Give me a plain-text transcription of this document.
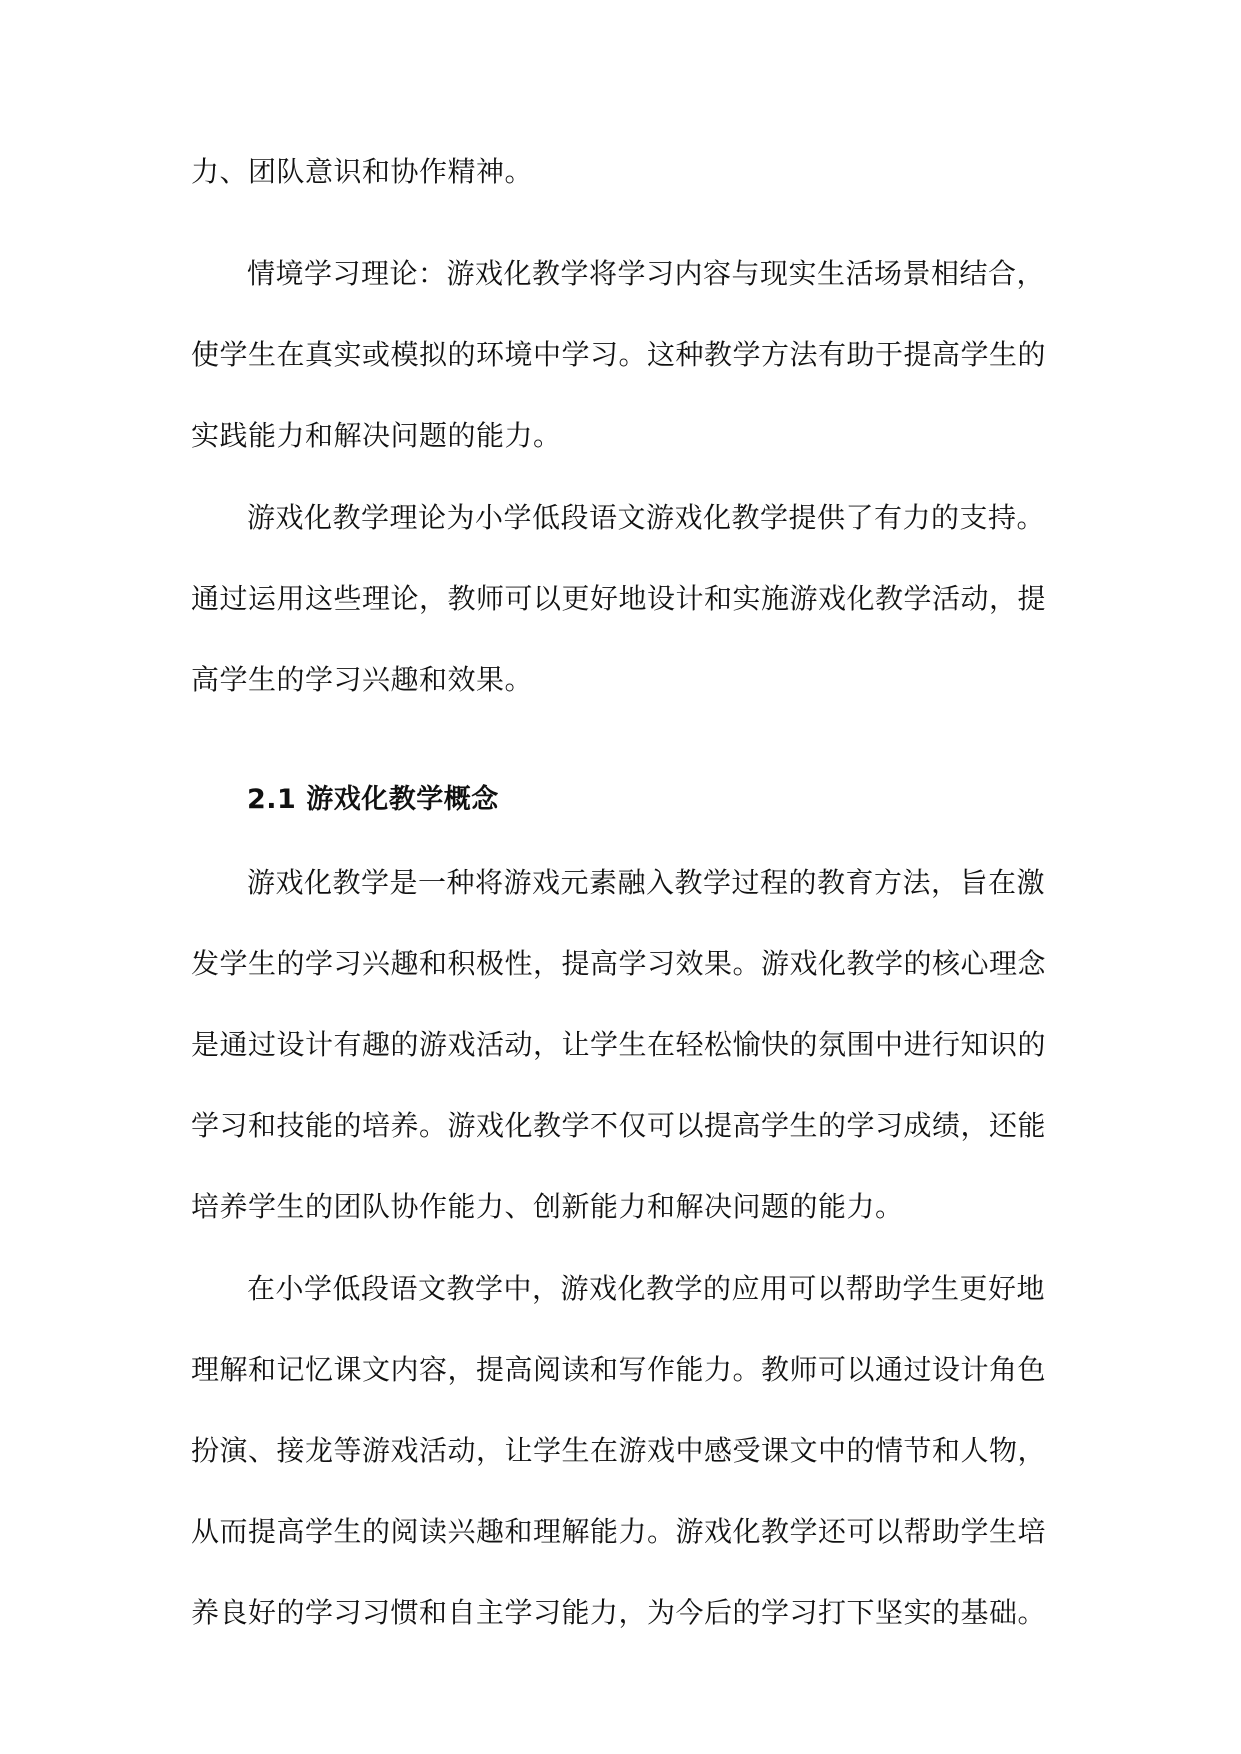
力、团队意识和协作精神。
情境学习理论：游戏化教学将学习内容与现实生活场景相结合，
使学生在真实或模拟的环境中学习。这种教学方法有助于提高学生的
实践能力和解决问题的能力。
游戏化教学理论为小学低段语文游戏化教学提供了有力的支持。
通过运用这些理论，教师可以更好地设计和实施游戏化教学活动，提
高学生的学习兴趣和效果。
2.1 游戏化教学概念
游戏化教学是一种将游戏元素融入教学过程的教育方法，旨在激
发学生的学习兴趣和积极性，提高学习效果。游戏化教学的核心理念
是通过设计有趣的游戏活动，让学生在轻松愉快的氛围中进行知识的
学习和技能的培养。游戏化教学不仅可以提高学生的学习成绩，还能
培养学生的团队协作能力、创新能力和解决问题的能力。
在小学低段语文教学中，游戏化教学的应用可以帮助学生更好地
理解和记忆课文内容，提高阅读和写作能力。教师可以通过设计角色
扮演、接龙等游戏活动，让学生在游戏中感受课文中的情节和人物，
从而提高学生的阅读兴趣和理解能力。游戏化教学还可以帮助学生培
养良好的学习习惯和自主学习能力，为今后的学习打下坚实的基础。
